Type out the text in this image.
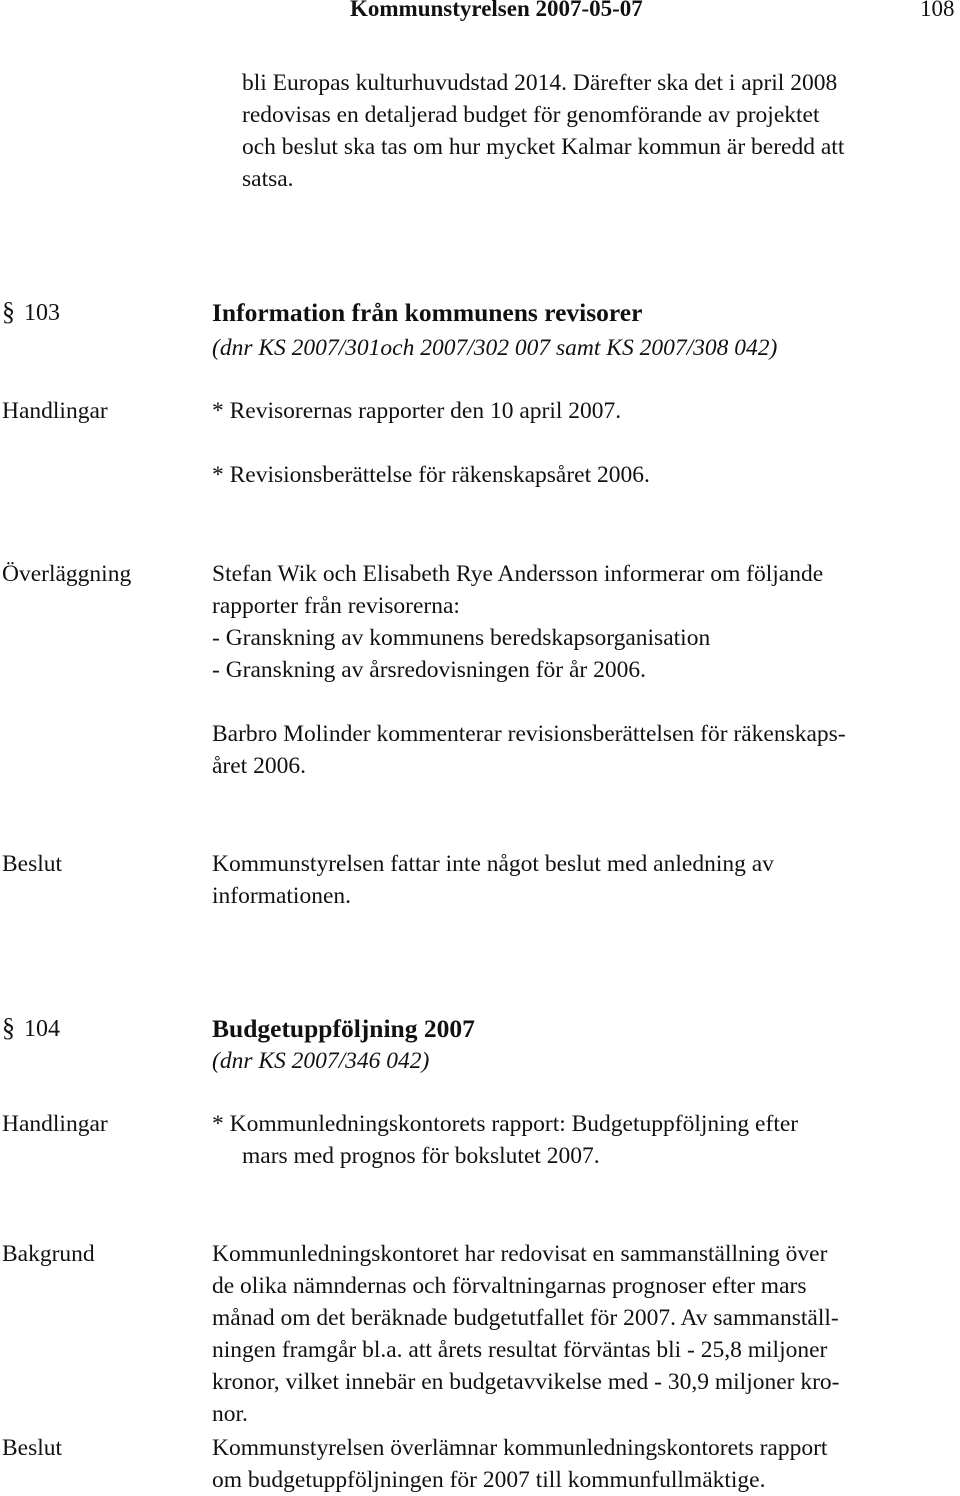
Kommunstyrelsen 2007-05-07	108
bli Europas kulturhuvudstad 2014. Därefter ska det i april 2008
redovisas en detaljerad budget för genomförande av projektet
och beslut ska tas om hur mycket Kalmar kommun är beredd att
satsa.
§ 103	Information från kommunens revisorer
(dnr KS 2007/301och 2007/302 007 samt KS 2007/308 042)
Handlingar	* Revisorernas rapporter den 10 april 2007.
* Revisionsberättelse för räkenskapsåret 2006.
Överläggning	Stefan Wik och Elisabeth Rye Andersson informerar om följande
rapporter från revisorerna:
- Granskning av kommunens beredskapsorganisation
- Granskning av årsredovisningen för år 2006.
Barbro Molinder kommenterar revisionsberättelsen för räkenskaps-
året 2006.
Beslut	Kommunstyrelsen fattar inte något beslut med anledning av
informationen.
§ 104	Budgetuppföljning 2007
(dnr KS 2007/346 042)
Handlingar	* Kommunledningskontorets rapport: Budgetuppföljning efter
mars med prognos för bokslutet 2007.
Bakgrund	Kommunledningskontoret har redovisat en sammanställning över
de olika nämndernas och förvaltningarnas prognoser efter mars
månad om det beräknade budgetutfallet för 2007. Av sammanställ-
ningen framgår bl.a. att årets resultat förväntas bli - 25,8 miljoner
kronor, vilket innebär en budgetavvikelse med - 30,9 miljoner kro-
nor.
Beslut	Kommunstyrelsen överlämnar kommunledningskontorets rapport
om budgetuppföljningen för 2007 till kommunfullmäktige.
